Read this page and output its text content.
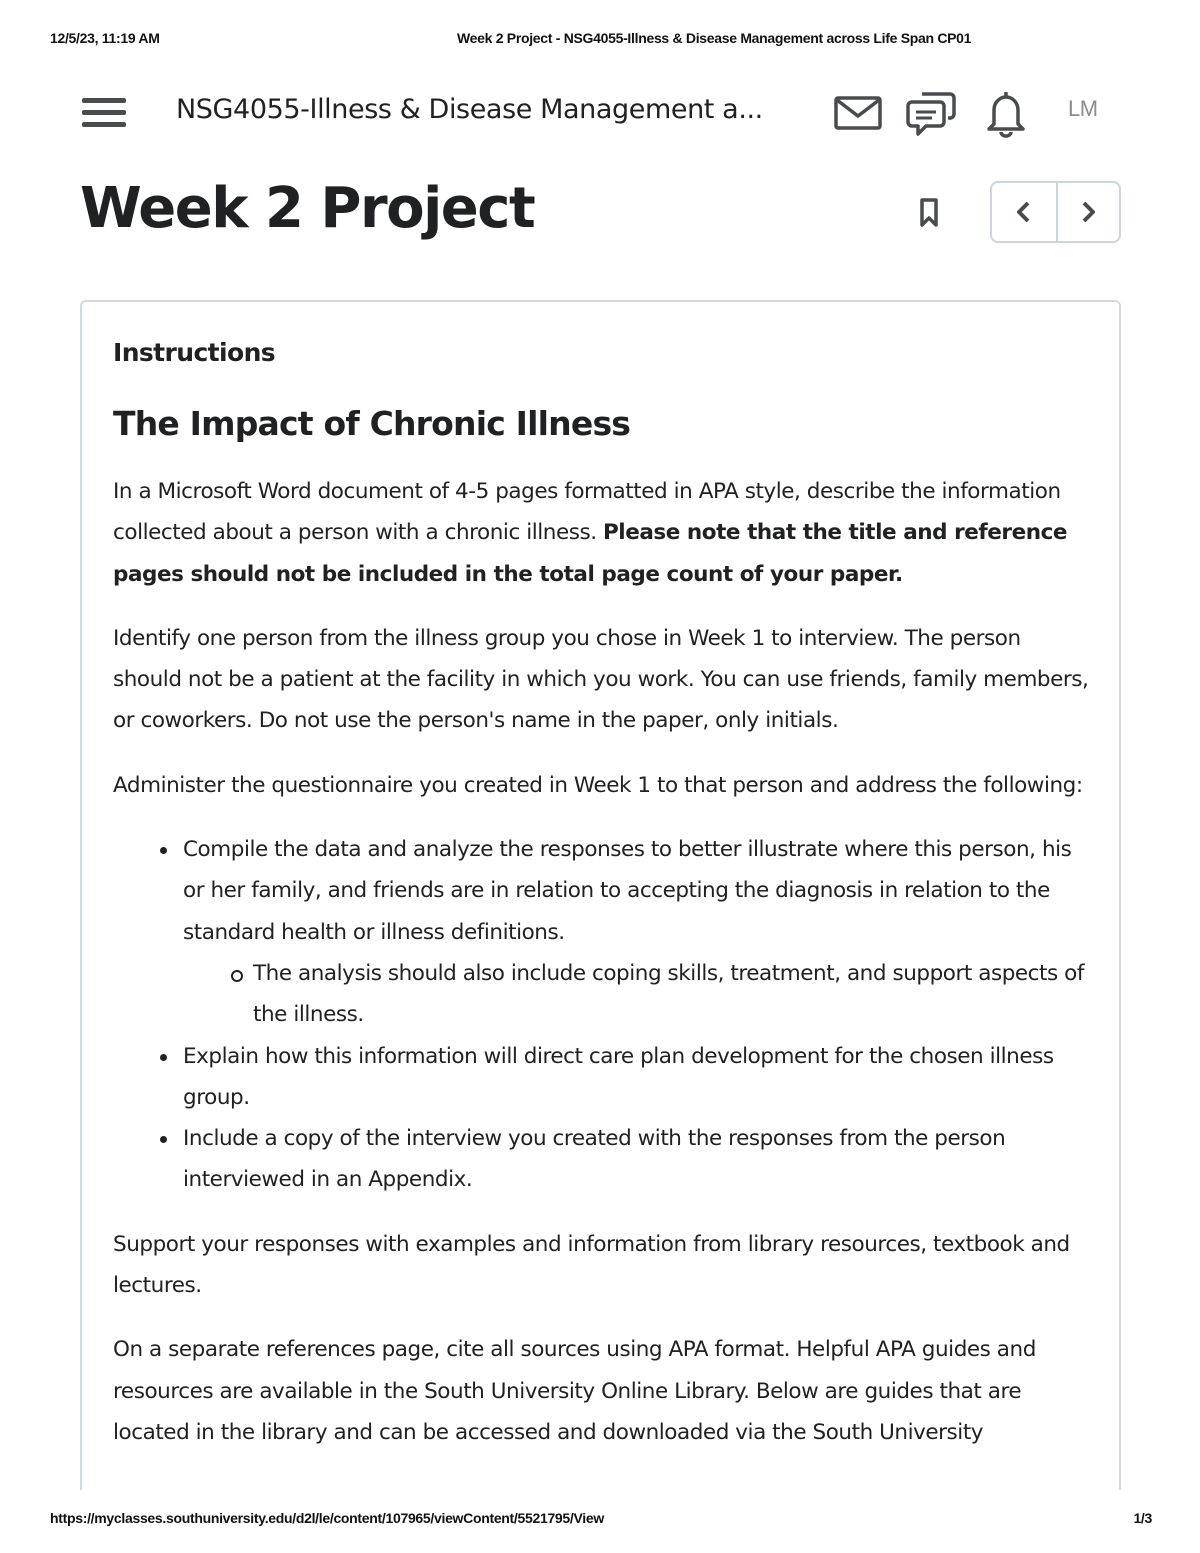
12/5/23, 11:19 AM	Week 2 Project - NSG4055-Illness & Disease Management across Life Span CP01
NSG4055-Illness & Disease Management a...	LM
Week 2 Project
Instructions
The Impact of Chronic Illness

In a Microsoft Word document of 4-5 pages formatted in APA style, describe the information collected about a person with a chronic illness. Please note that the title and reference pages should not be included in the total page count of your paper.

Identify one person from the illness group you chose in Week 1 to interview. The person should not be a patient at the facility in which you work. You can use friends, family members, or coworkers. Do not use the person's name in the paper, only initials.

Administer the questionnaire you created in Week 1 to that person and address the following:

Compile the data and analyze the responses to better illustrate where this person, his or her family, and friends are in relation to accepting the diagnosis in relation to the standard health or illness definitions.
The analysis should also include coping skills, treatment, and support aspects of the illness.
Explain how this information will direct care plan development for the chosen illness group.
Include a copy of the interview you created with the responses from the person interviewed in an Appendix.

Support your responses with examples and information from library resources, textbook and lectures.

On a separate references page, cite all sources using APA format. Helpful APA guides and resources are available in the South University Online Library. Below are guides that are located in the library and can be accessed and downloaded via the South University

https://myclasses.southuniversity.edu/d2l/le/content/107965/viewContent/5521795/View	1/3
